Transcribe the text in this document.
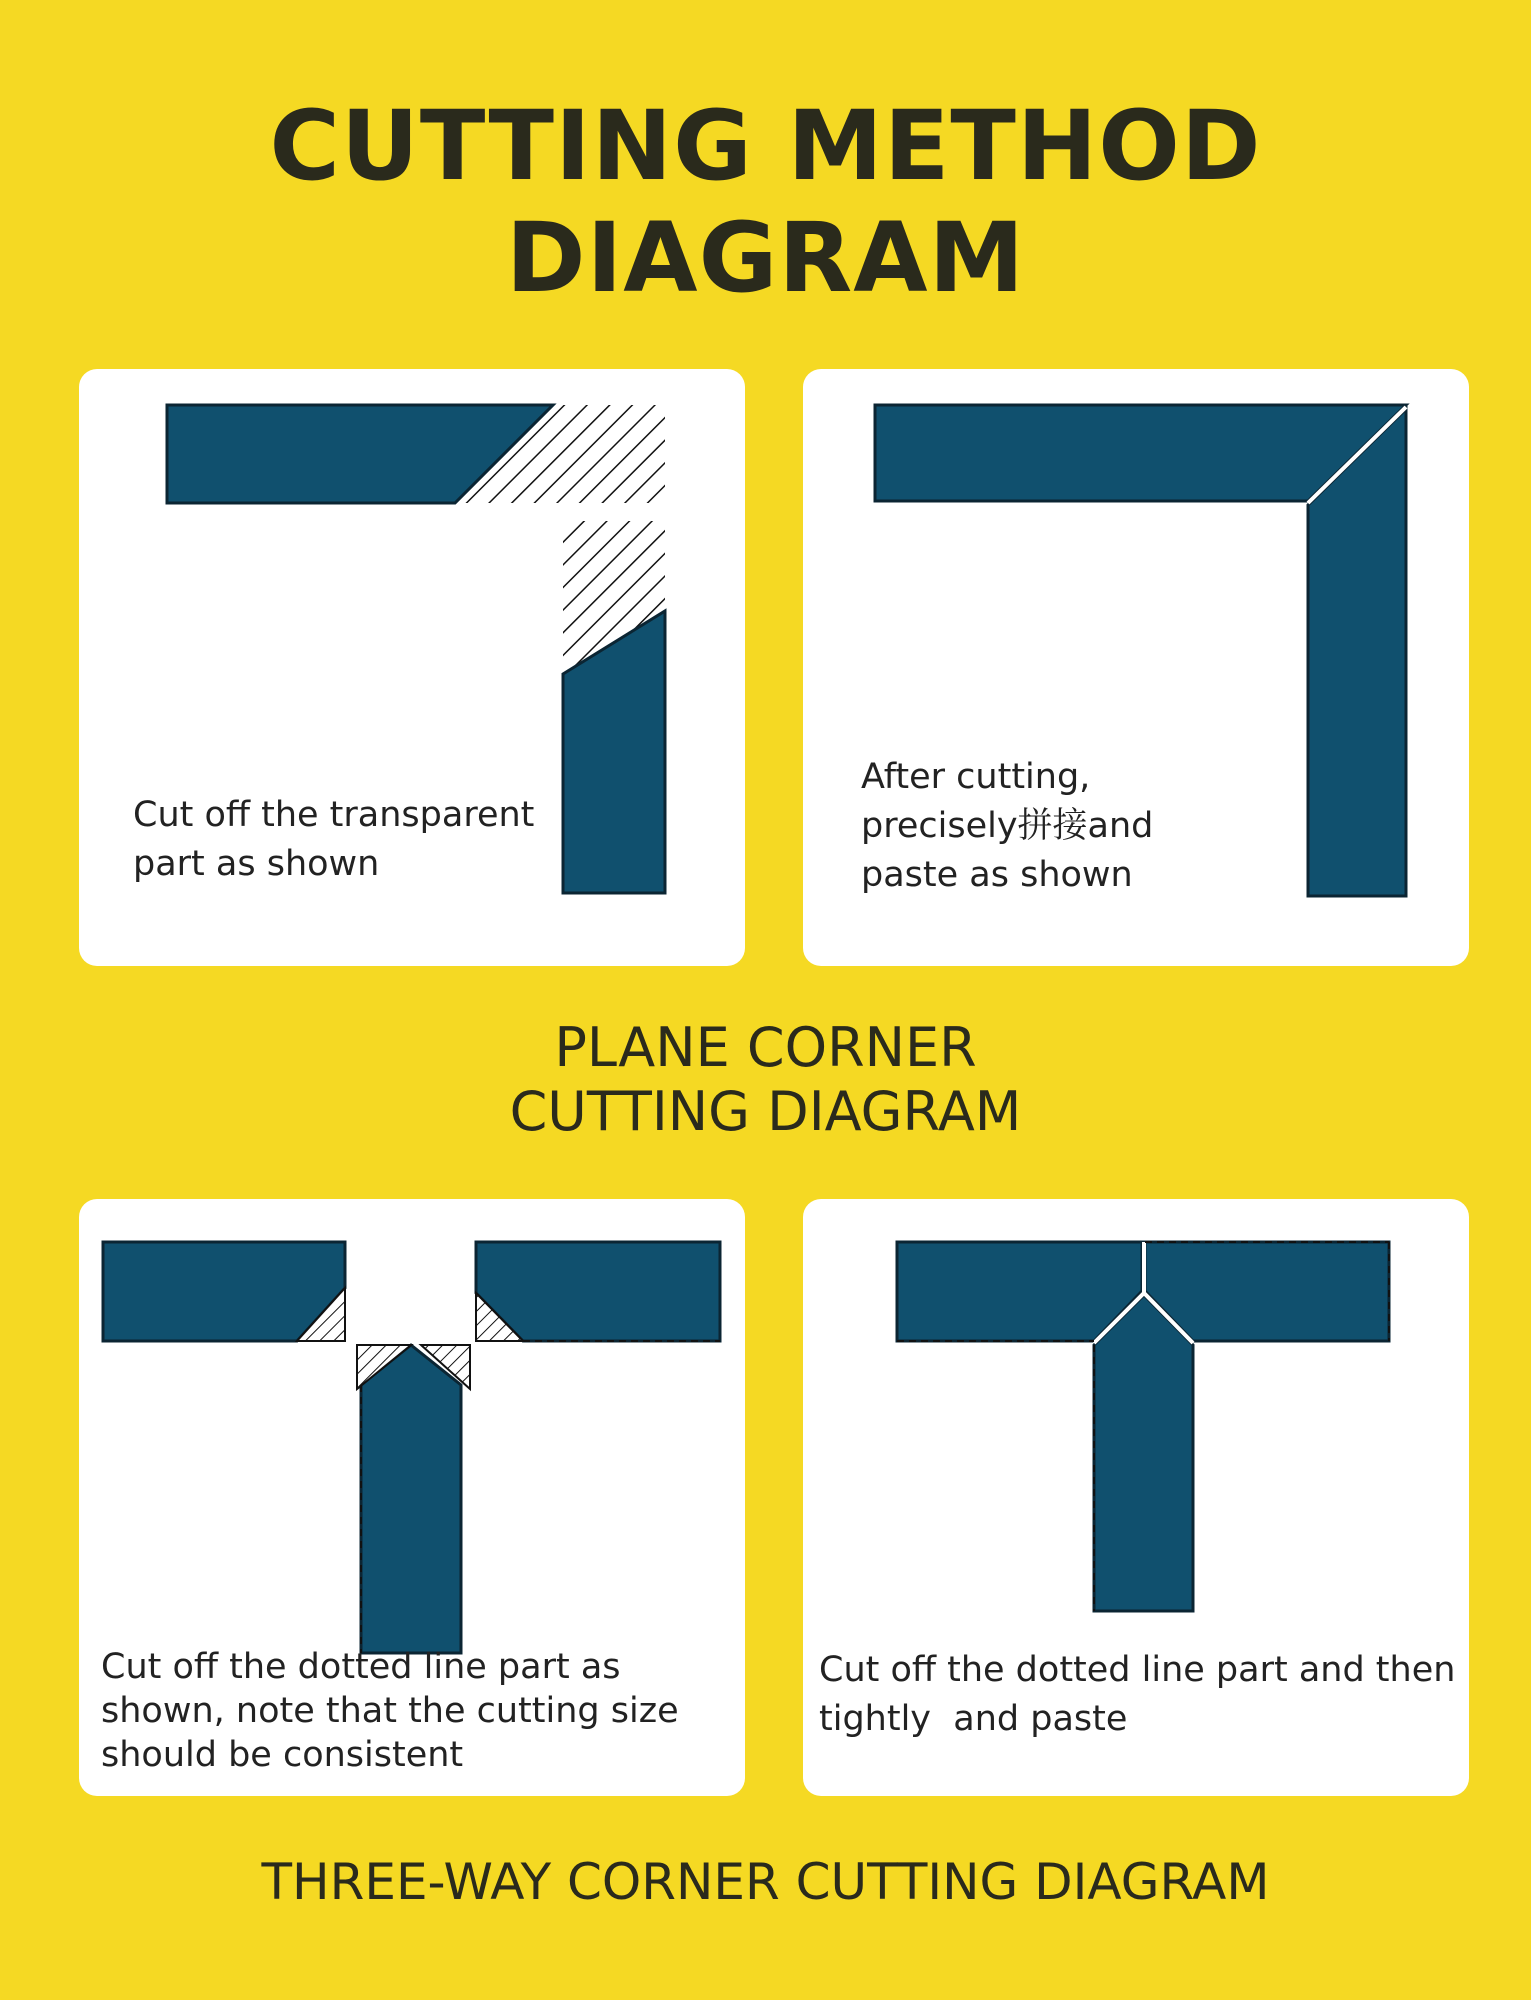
CUTTING METHOD
DIAGRAM
Cut off the transparent
part as shown
After cutting,
precisely拼接and
paste as shown
PLANE CORNER
CUTTING DIAGRAM
Cut off the dotted line part as
shown, note that the cutting size
should be consistent
Cut off the dotted line part and then
tightly  and paste
THREE-WAY CORNER CUTTING DIAGRAM
